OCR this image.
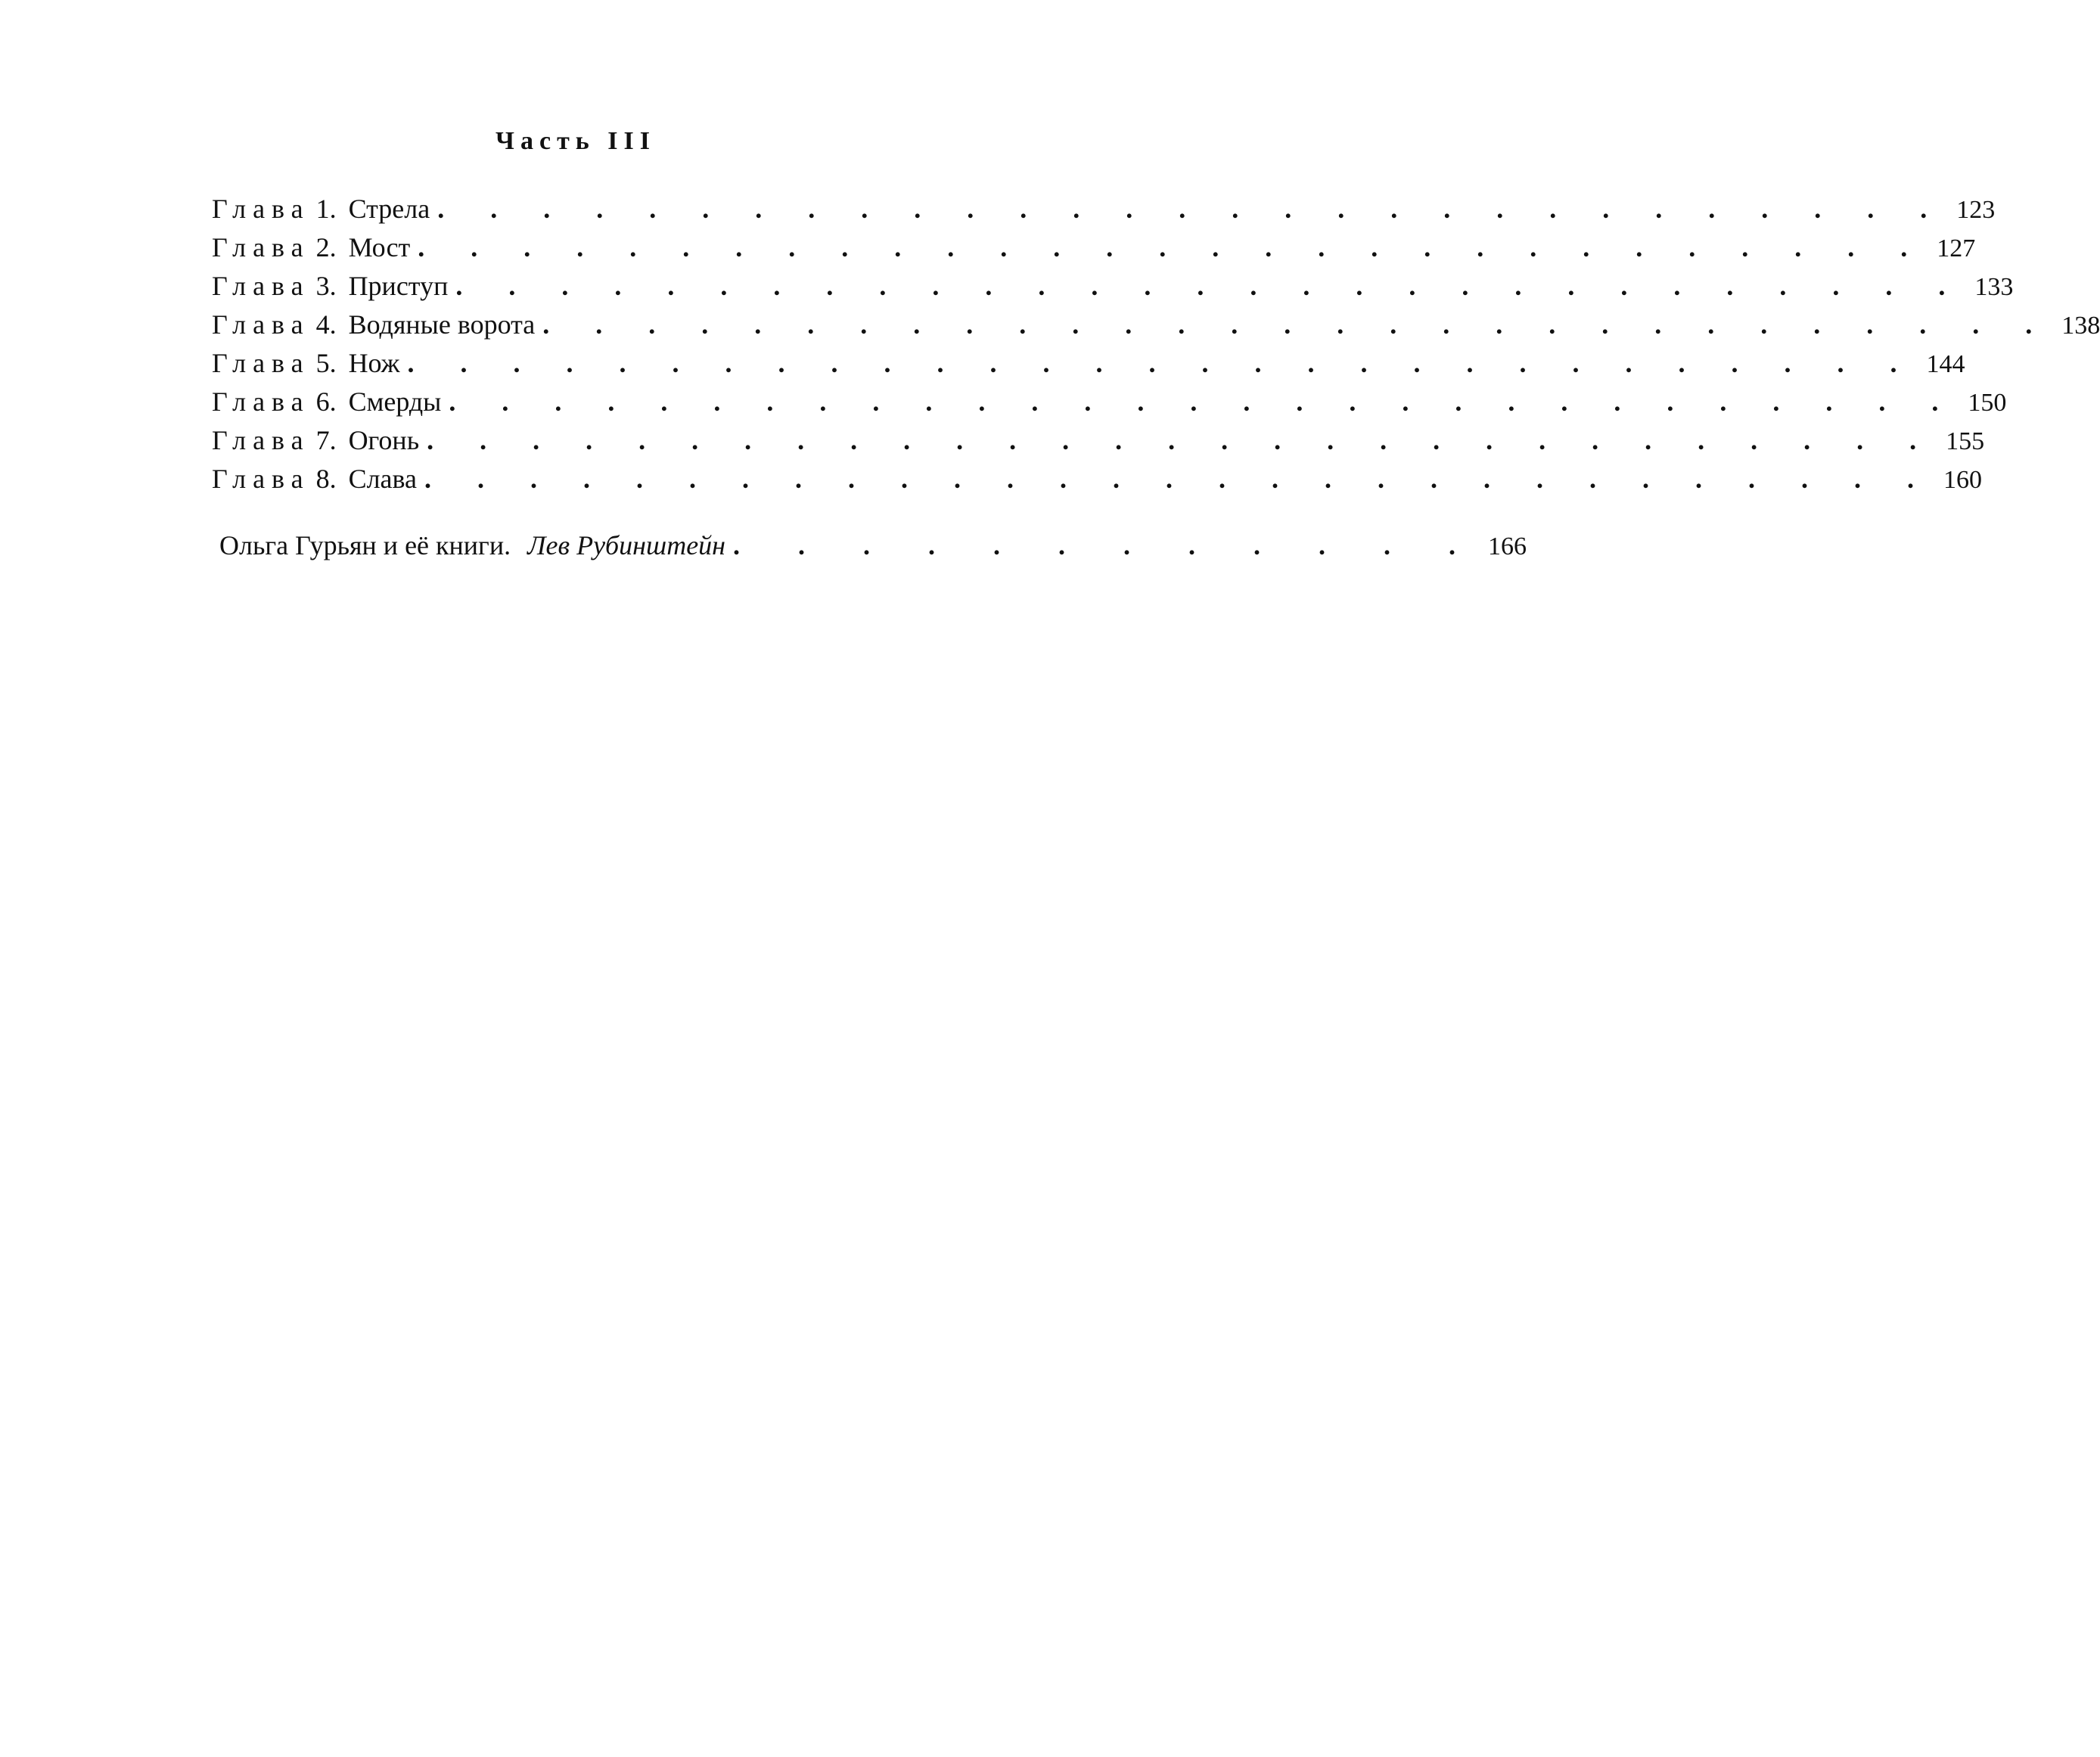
Часть III
Глава 1. Стрела . . . . . . . . . . . . . . . . . . . . . . . . . . . . . 123
Глава 2. Мост . . . . . . . . . . . . . . . . . . . . . . . . . . . . . 127
Глава 3. Приступ . . . . . . . . . . . . . . . . . . . . . . . . . . . . . 133
Глава 4. Водяные ворота . . . . . . . . . . . . . . . . . . . . . . . . . . . . . 138
Глава 5. Нож . . . . . . . . . . . . . . . . . . . . . . . . . . . . . 144
Глава 6. Смерды . . . . . . . . . . . . . . . . . . . . . . . . . . . . . 150
Глава 7. Огонь . . . . . . . . . . . . . . . . . . . . . . . . . . . . . 155
Глава 8. Слава . . . . . . . . . . . . . . . . . . . . . . . . . . . . . 160
Ольга Гурьян и её книги. Лев Рубинштейн . . . . . . . . . . . . 166
